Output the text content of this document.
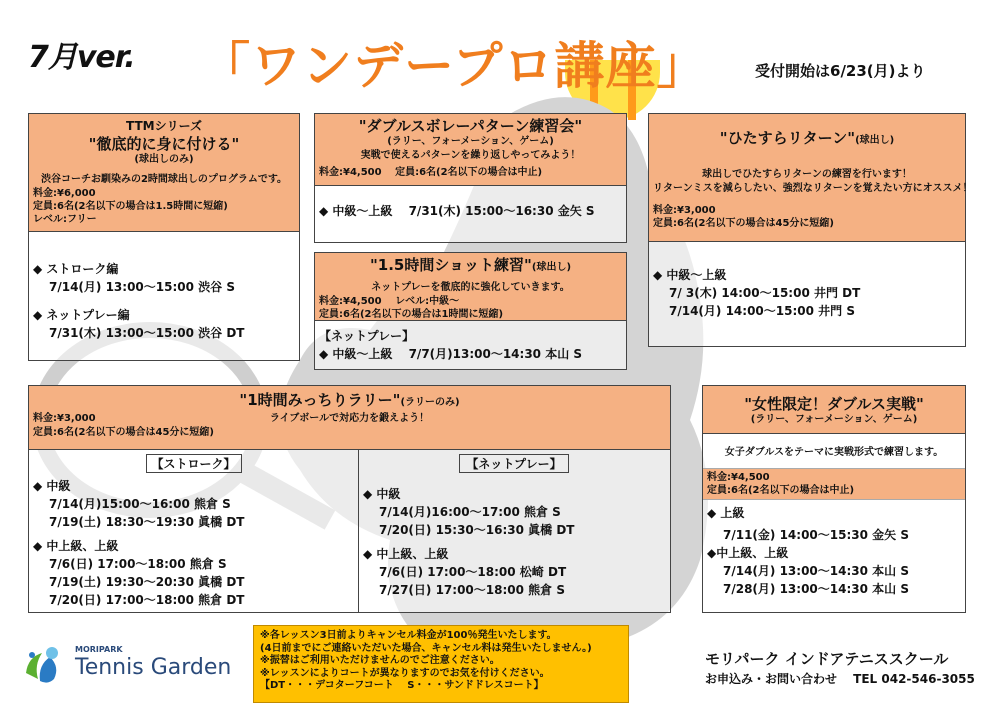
7月ver. 「ワンデープロ講座」	受付開始は6/23(月)より
TTMシリーズ
"徹底的に身に付ける"
(球出しのみ)
渋谷コーチお馴染みの2時間球出しのプログラムです。
料金:¥6,000
定員:6名(2名以下の場合は1.5時間に短縮)
レベル:フリー
◆ ストローク編
7/14(月) 13:00～15:00 渋谷 S
◆ ネットプレー編
7/31(木) 13:00～15:00 渋谷 DT
"ダブルスボレーパターン練習会"
(ラリー、フォーメーション、ゲーム)
実戦で使えるパターンを繰り返しやってみよう！
料金:¥4,500 　定員:6名(2名以下の場合は中止)
◆ 中級～上級 　7/31(木) 15:00～16:30 金矢 S
"ひたすらリターン"(球出し)
球出しでひたすらリターンの練習を行います！
リターンミスを減らしたい、強烈なリターンを覚えたい方にオススメ！
料金:¥3,000
定員:6名(2名以下の場合は45分に短縮)
◆ 中級～上級
7/ 3(木) 14:00～15:00 井門 DT
7/14(月) 14:00～15:00 井門 S
"1.5時間ショット練習"(球出し)
ネットプレーを徹底的に強化していきます。
料金:¥4,500 　レベル:中級～
定員:6名(2名以下の場合は1時間に短縮)
【ネットプレー】
◆ 中級～上級 　7/7(月)13:00～14:30 本山 S
"1時間みっちりラリー"(ラリーのみ)
料金:¥3,000	ライブボールで対応力を鍛えよう！
定員:6名(2名以下の場合は45分に短縮)
【ストローク】
◆ 中級
7/14(月)15:00～16:00 熊倉 S
7/19(土) 18:30～19:30 眞橋 DT
◆ 中上級、上級
7/6(日) 17:00～18:00 熊倉 S
7/19(土) 19:30～20:30 眞橋 DT
7/20(日) 17:00～18:00 熊倉 DT
【ネットプレー】
◆ 中級
7/14(月)16:00～17:00 熊倉 S
7/20(日) 15:30～16:30 眞橋 DT
◆ 中上級、上級
7/6(日) 17:00～18:00 松崎 DT
7/27(日) 17:00～18:00 熊倉 S
"女性限定！ダブルス実戦"
(ラリー、フォーメーション、ゲーム)
女子ダブルスをテーマに実戦形式で練習します。
料金:¥4,500
定員:6名(2名以下の場合は中止)
◆ 上級
7/11(金) 14:00～15:30 金矢 S
◆中上級、上級
7/14(月) 13:00～14:30 本山 S
7/28(月) 13:00～14:30 本山 S
MORIPARK
Tennis Garden
※各レッスン3日前よりキャンセル料金が100％発生いたします。
(4日前までにご連絡いただいた場合、キャンセル料は発生いたしません。)
※振替はご利用いただけませんのでご注意ください。
※レッスンによりコートが異なりますのでお気を付けください。
【DT・・・デコターフコート 　S・・・サンドドレスコート】
モリパーク インドアテニススクール
お申込み・お問い合わせ 　TEL 042-546-3055
